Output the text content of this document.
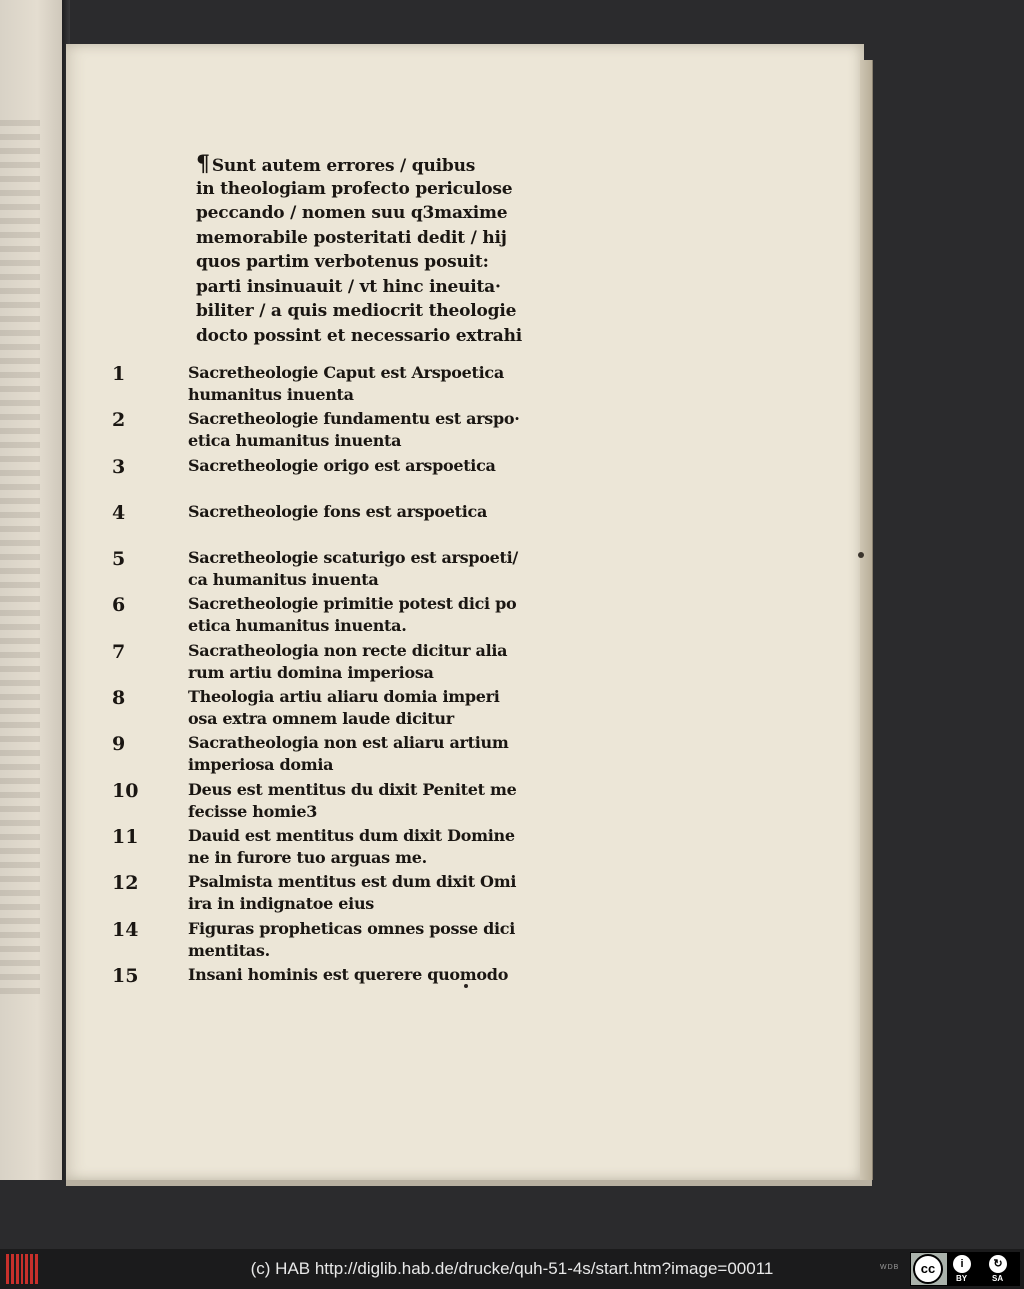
¶ Sunt autem errores / quibus
in theologiam profecto periculose
peccando / nomen suu q3maxime
memorabile posteritati dedit / hij
quos partim verbotenus posuit:
parti insinuauit / vt hinc ineuita·
biliter / a quis mediocrit theologie
docto possint et necessario extrahi
1	Sacretheologie Caput est Arspoetica
humanitus inuenta
2	Sacretheologie fundamentu est arspo·
etica humanitus inuenta
3	Sacretheologie origo est arspoetica
4	Sacretheologie fons est arspoetica
5	Sacretheologie scaturigo est arspoeti/
ca humanitus inuenta
6	Sacretheologie primitie potest dici po
etica humanitus inuenta.
7	Sacratheologia non recte dicitur alia
rum artiu domina imperiosa
8	Theologia artiu aliaru domia imperi
osa extra omnem laude dicitur
9	Sacratheologia non est aliaru artium
imperiosa domia
10	Deus est mentitus du dixit Penitet me
fecisse homie3
11	Dauid est mentitus dum dixit Domine
ne in furore tuo arguas me.
12	Psalmista mentitus est dum dixit Omi
ira in indignatoe eius
14	Figuras propheticas omnes posse dici
mentitas.
15	Insani hominis est querere quomodo
(c) HAB http://diglib.hab.de/drucke/quh-51-4s/start.htm?image=00011	WDB	cc	i	↻
BY	SA
